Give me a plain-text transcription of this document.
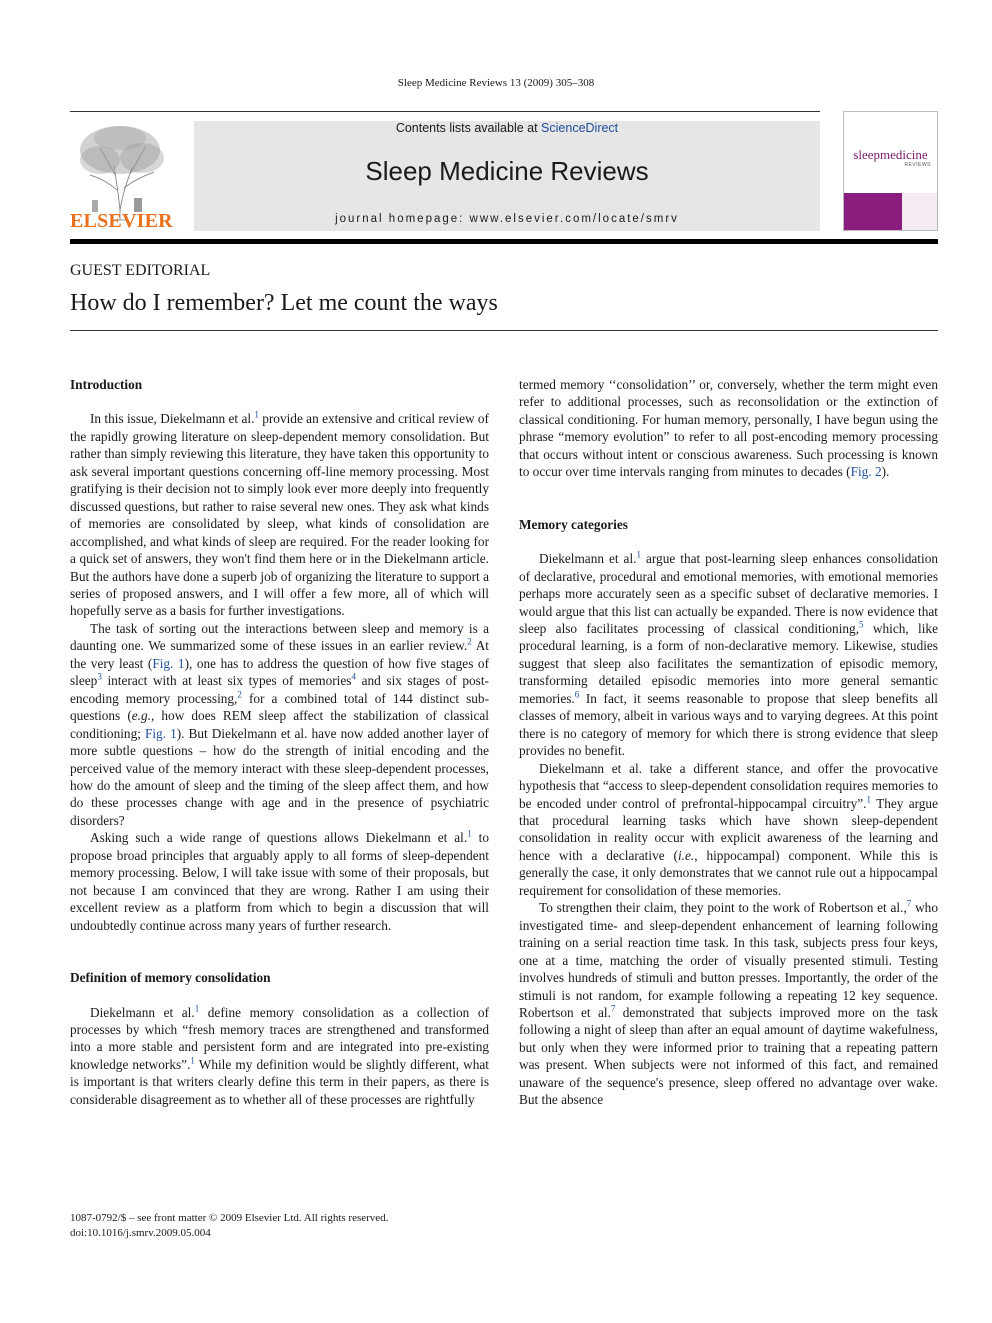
Sleep Medicine Reviews 13 (2009) 305–308
ELSEVIER
Contents lists available at ScienceDirect
Sleep Medicine Reviews
journal homepage: www.elsevier.com/locate/smrv
sleepmedicine
REVIEWS
GUEST EDITORIAL
How do I remember? Let me count the ways
Introduction

In this issue, Diekelmann et al.$^1$ provide an extensive and critical review of the rapidly growing literature on sleep-dependent memory consolidation. But rather than simply reviewing this literature, they have taken this opportunity to ask several important questions concerning off-line memory processing. Most gratifying is their decision not to simply look ever more deeply into frequently discussed questions, but rather to raise several new ones. They ask what kinds of memories are consolidated by sleep, what kinds of consolidation are accomplished, and what kinds of sleep are required. For the reader looking for a quick set of answers, they won't find them here or in the Diekelmann article. But the authors have done a superb job of organizing the literature to support a series of proposed answers, and I will offer a few more, all of which will hopefully serve as a basis for further investigations.

The task of sorting out the interactions between sleep and memory is a daunting one. We summarized some of these issues in an earlier review.$^2$ At the very least (Fig. 1), one has to address the question of how five stages of sleep$^3$ interact with at least six types of memories$^4$ and six stages of post-encoding memory processing,$^2$ for a combined total of 144 distinct sub-questions (e.g., how does REM sleep affect the stabilization of classical conditioning; Fig. 1). But Diekelmann et al. have now added another layer of more subtle questions – how do the strength of initial encoding and the perceived value of the memory interact with these sleep-dependent processes, how do the amount of sleep and the timing of the sleep affect them, and how do these processes change with age and in the presence of psychiatric disorders?

Asking such a wide range of questions allows Diekelmann et al.$^1$ to propose broad principles that arguably apply to all forms of sleep-dependent memory processing. Below, I will take issue with some of their proposals, but not because I am convinced that they are wrong. Rather I am using their excellent review as a platform from which to begin a discussion that will undoubtedly continue across many years of further research.

Definition of memory consolidation

Diekelmann et al.$^1$ define memory consolidation as a collection of processes by which “fresh memory traces are strengthened and transformed into a more stable and persistent form and are integrated into pre-existing knowledge networks”.$^1$ While my definition would be slightly different, what is important is that writers clearly define this term in their papers, as there is considerable disagreement as to whether all of these processes are rightfully

termed memory ‘‘consolidation’’ or, conversely, whether the term might even refer to additional processes, such as reconsolidation or the extinction of classical conditioning. For human memory, personally, I have begun using the phrase “memory evolution” to refer to all post-encoding memory processing that occurs without intent or conscious awareness. Such processing is known to occur over time intervals ranging from minutes to decades (Fig. 2).

Memory categories

Diekelmann et al.$^1$ argue that post-learning sleep enhances consolidation of declarative, procedural and emotional memories, with emotional memories perhaps more accurately seen as a specific subset of declarative memories. I would argue that this list can actually be expanded. There is now evidence that sleep also facilitates processing of classical conditioning,$^5$ which, like procedural learning, is a form of non-declarative memory. Likewise, studies suggest that sleep also facilitates the semantization of episodic memory, transforming detailed episodic memories into more general semantic memories.$^6$ In fact, it seems reasonable to propose that sleep benefits all classes of memory, albeit in various ways and to varying degrees. At this point there is no category of memory for which there is strong evidence that sleep provides no benefit.

Diekelmann et al. take a different stance, and offer the provocative hypothesis that “access to sleep-dependent consolidation requires memories to be encoded under control of prefrontal-hippocampal circuitry”.$^1$ They argue that procedural learning tasks which have shown sleep-dependent consolidation in reality occur with explicit awareness of the learning and hence with a declarative (i.e., hippocampal) component. While this is generally the case, it only demonstrates that we cannot rule out a hippocampal requirement for consolidation of these memories.

To strengthen their claim, they point to the work of Robertson et al.,$^7$ who investigated time- and sleep-dependent enhancement of learning following training on a serial reaction time task. In this task, subjects press four keys, one at a time, matching the order of visually presented stimuli. Testing involves hundreds of stimuli and button presses. Importantly, the order of the stimuli is not random, for example following a repeating 12 key sequence. Robertson et al.$^7$ demonstrated that subjects improved more on the task following a night of sleep than after an equal amount of daytime wakefulness, but only when they were informed prior to training that a repeating pattern was present. When subjects were not informed of this fact, and remained unaware of the sequence's presence, sleep offered no advantage over wake. But the absence

1087-0792/$ – see front matter © 2009 Elsevier Ltd. All rights reserved.
doi:10.1016/j.smrv.2009.05.004
